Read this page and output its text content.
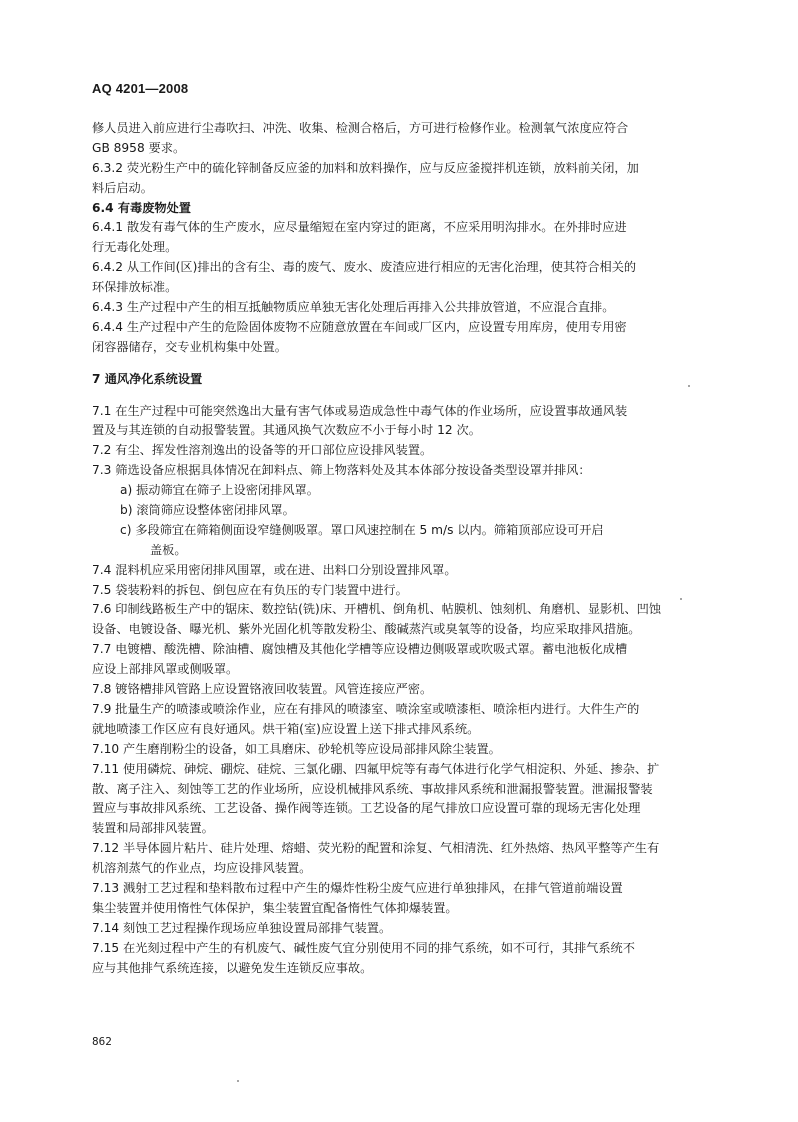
AQ 4201—2008
修人员进入前应进行尘毒吹扫、冲洗、收集、检测合格后，方可进行检修作业。检测氧气浓度应符合
GB 8958 要求。
6.3.2 荧光粉生产中的硫化锌制备反应釜的加料和放料操作，应与反应釜搅拌机连锁，放料前关闭，加
料后启动。
6.4 有毒废物处置
6.4.1 散发有毒气体的生产废水，应尽量缩短在室内穿过的距离，不应采用明沟排水。在外排时应进
行无毒化处理。
6.4.2 从工作间(区)排出的含有尘、毒的废气、废水、废渣应进行相应的无害化治理，使其符合相关的
环保排放标准。
6.4.3 生产过程中产生的相互抵触物质应单独无害化处理后再排入公共排放管道，不应混合直排。
6.4.4 生产过程中产生的危险固体废物不应随意放置在车间或厂区内，应设置专用库房，使用专用密
闭容器储存，交专业机构集中处置。
7 通风净化系统设置
7.1 在生产过程中可能突然逸出大量有害气体或易造成急性中毒气体的作业场所，应设置事故通风装
置及与其连锁的自动报警装置。其通风换气次数应不小于每小时 12 次。
7.2 有尘、挥发性溶剂逸出的设备等的开口部位应设排风装置。
7.3 筛选设备应根据具体情况在卸料点、筛上物落料处及其本体部分按设备类型设罩并排风：
a) 振动筛宜在筛子上设密闭排风罩。
b) 滚筒筛应设整体密闭排风罩。
c) 多段筛宜在筛箱侧面设窄缝侧吸罩。罩口风速控制在 5 m/s 以内。筛箱顶部应设可开启
盖板。
7.4 混料机应采用密闭排风围罩，或在进、出料口分别设置排风罩。
7.5 袋装粉料的拆包、倒包应在有负压的专门装置中进行。
7.6 印制线路板生产中的锯床、数控钻(铣)床、开槽机、倒角机、帖膜机、蚀刻机、角磨机、显影机、凹蚀
设备、电镀设备、曝光机、紫外光固化机等散发粉尘、酸碱蒸汽或臭氧等的设备，均应采取排风措施。
7.7 电镀槽、酸洗槽、除油槽、腐蚀槽及其他化学槽等应设槽边侧吸罩或吹吸式罩。蓄电池板化成槽
应设上部排风罩或侧吸罩。
7.8 镀铬槽排风管路上应设置铬液回收装置。风管连接应严密。
7.9 批量生产的喷漆或喷涂作业，应在有排风的喷漆室、喷涂室或喷漆柜、喷涂柜内进行。大件生产的
就地喷漆工作区应有良好通风。烘干箱(室)应设置上送下排式排风系统。
7.10 产生磨削粉尘的设备，如工具磨床、砂轮机等应设局部排风除尘装置。
7.11 使用磷烷、砷烷、硼烷、硅烷、三氯化硼、四氟甲烷等有毒气体进行化学气相淀积、外延、掺杂、扩
散、离子注入、刻蚀等工艺的作业场所，应设机械排风系统、事故排风系统和泄漏报警装置。泄漏报警装
置应与事故排风系统、工艺设备、操作阀等连锁。工艺设备的尾气排放口应设置可靠的现场无害化处理
装置和局部排风装置。
7.12 半导体圆片粘片、硅片处理、熔蜡、荧光粉的配置和涂复、气相清洗、红外热熔、热风平整等产生有
机溶剂蒸气的作业点，均应设排风装置。
7.13 溅射工艺过程和垫料散布过程中产生的爆炸性粉尘废气应进行单独排风，在排气管道前端设置
集尘装置并使用惰性气体保护，集尘装置宜配备惰性气体抑爆装置。
7.14 刻蚀工艺过程操作现场应单独设置局部排气装置。
7.15 在光刻过程中产生的有机废气、碱性废气宜分别使用不同的排气系统，如不可行，其排气系统不
应与其他排气系统连接，以避免发生连锁反应事故。
862
